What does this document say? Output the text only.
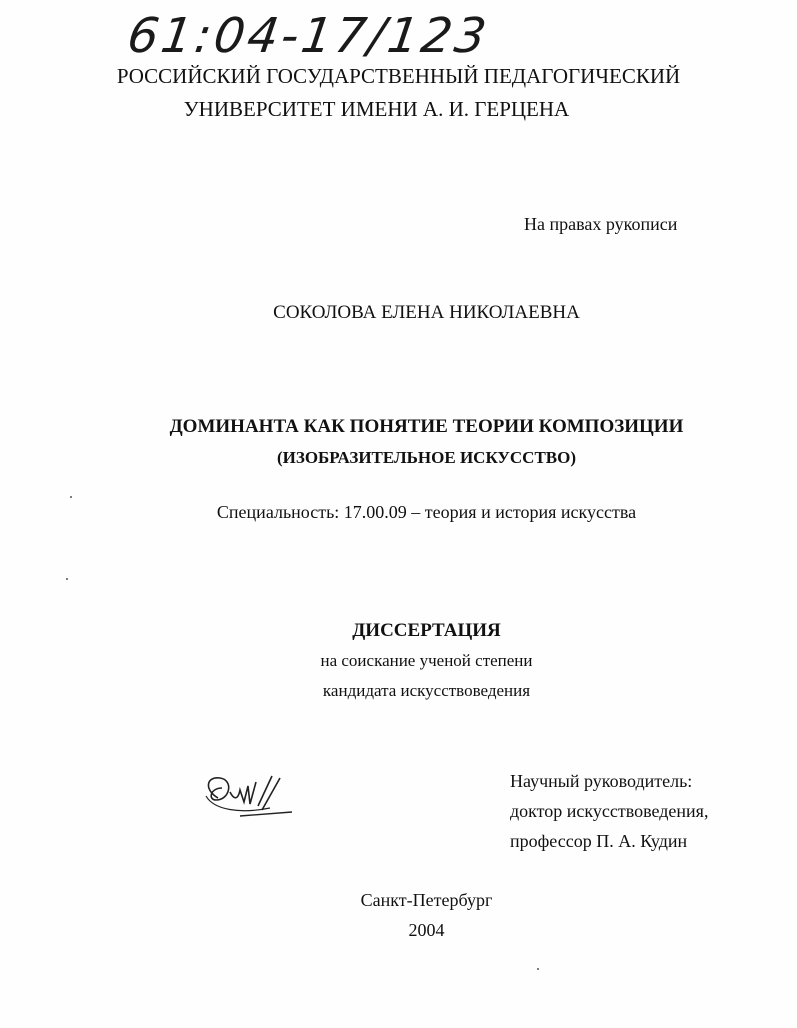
61:04-17/123
РОССИЙСКИЙ ГОСУДАРСТВЕННЫЙ ПЕДАГОГИЧЕСКИЙ
УНИВЕРСИТЕТ ИМЕНИ А. И. ГЕРЦЕНА
На правах рукописи
СОКОЛОВА ЕЛЕНА НИКОЛАЕВНА
ДОМИНАНТА КАК ПОНЯТИЕ ТЕОРИИ КОМПОЗИЦИИ
(ИЗОБРАЗИТЕЛЬНОЕ ИСКУССТВО)
Специальность: 17.00.09 – теория и история искусства
ДИССЕРТАЦИЯ
на соискание ученой степени
кандидата искусствоведения
Научный руководитель:
доктор искусствоведения,
профессор П. А. Кудин
Санкт-Петербург
2004
